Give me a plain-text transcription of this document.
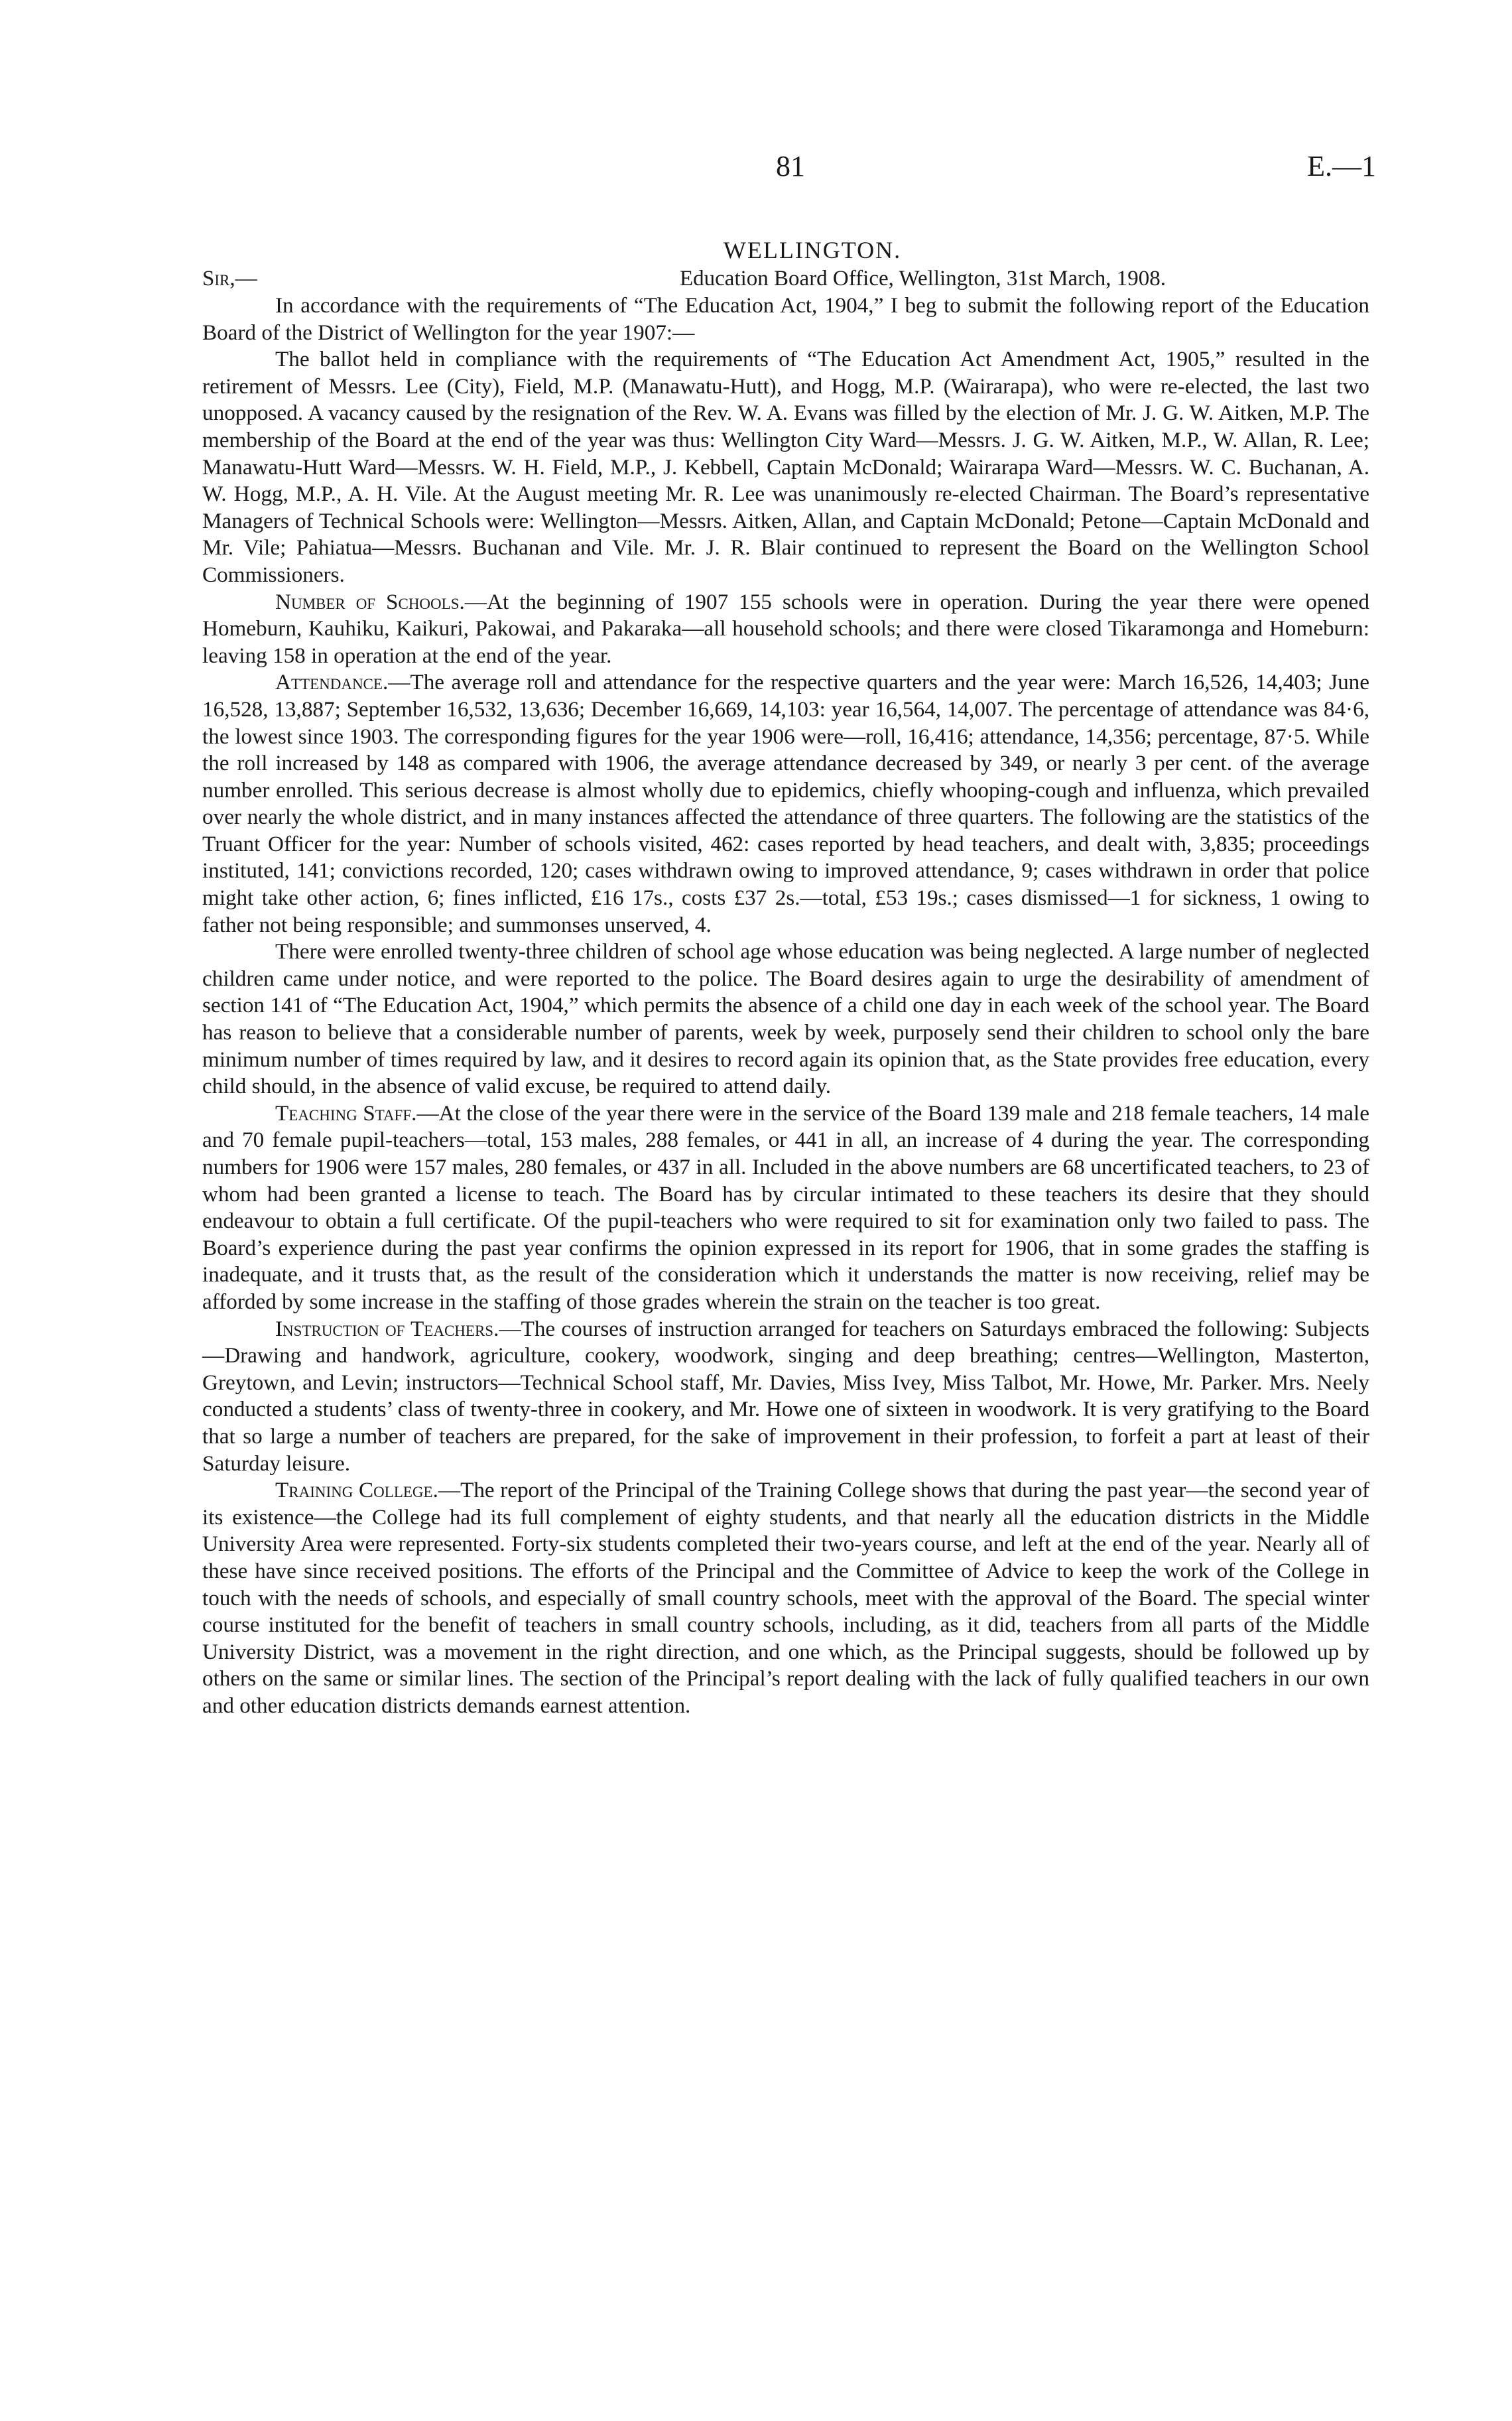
81	E.—1
WELLINGTON.
Sir,—	Education Board Office, Wellington, 31st March, 1908.

In accordance with the requirements of “The Education Act, 1904,” I beg to submit the following report of the Education Board of the District of Wellington for the year 1907:—

The ballot held in compliance with the requirements of “The Education Act Amendment Act, 1905,” resulted in the retirement of Messrs. Lee (City), Field, M.P. (Manawatu-Hutt), and Hogg, M.P. (Wairarapa), who were re-elected, the last two unopposed. A vacancy caused by the resignation of the Rev. W. A. Evans was filled by the election of Mr. J. G. W. Aitken, M.P. The membership of the Board at the end of the year was thus: Wellington City Ward—Messrs. J. G. W. Aitken, M.P., W. Allan, R. Lee; Manawatu-Hutt Ward—Messrs. W. H. Field, M.P., J. Kebbell, Captain McDonald; Wairarapa Ward—Messrs. W. C. Buchanan, A. W. Hogg, M.P., A. H. Vile. At the August meeting Mr. R. Lee was unanimously re-elected Chairman. The Board’s representative Managers of Technical Schools were: Wellington—Messrs. Aitken, Allan, and Captain McDonald; Petone—Captain McDonald and Mr. Vile; Pahiatua—Messrs. Buchanan and Vile. Mr. J. R. Blair continued to represent the Board on the Wellington School Commissioners.

Number of Schools.—At the beginning of 1907 155 schools were in operation. During the year there were opened Homeburn, Kauhiku, Kaikuri, Pakowai, and Pakaraka—all household schools; and there were closed Tikaramonga and Homeburn: leaving 158 in operation at the end of the year.

Attendance.—The average roll and attendance for the respective quarters and the year were: March 16,526, 14,403; June 16,528, 13,887; September 16,532, 13,636; December 16,669, 14,103: year 16,564, 14,007. The percentage of attendance was 84·6, the lowest since 1903. The corresponding figures for the year 1906 were—roll, 16,416; attendance, 14,356; percentage, 87·5. While the roll increased by 148 as compared with 1906, the average attendance decreased by 349, or nearly 3 per cent. of the average number enrolled. This serious decrease is almost wholly due to epidemics, chiefly whooping-cough and influenza, which prevailed over nearly the whole district, and in many instances affected the attendance of three quarters. The following are the statistics of the Truant Officer for the year: Number of schools visited, 462: cases reported by head teachers, and dealt with, 3,835; proceedings instituted, 141; convictions recorded, 120; cases withdrawn owing to improved attendance, 9; cases withdrawn in order that police might take other action, 6; fines inflicted, £16 17s., costs £37 2s.—total, £53 19s.; cases dismissed—1 for sickness, 1 owing to father not being responsible; and summonses unserved, 4.

There were enrolled twenty-three children of school age whose education was being neglected. A large number of neglected children came under notice, and were reported to the police. The Board desires again to urge the desirability of amendment of section 141 of “The Education Act, 1904,” which permits the absence of a child one day in each week of the school year. The Board has reason to believe that a considerable number of parents, week by week, purposely send their children to school only the bare minimum number of times required by law, and it desires to record again its opinion that, as the State provides free education, every child should, in the absence of valid excuse, be required to attend daily.

Teaching Staff.—At the close of the year there were in the service of the Board 139 male and 218 female teachers, 14 male and 70 female pupil-teachers—total, 153 males, 288 females, or 441 in all, an increase of 4 during the year. The corresponding numbers for 1906 were 157 males, 280 females, or 437 in all. Included in the above numbers are 68 uncertificated teachers, to 23 of whom had been granted a license to teach. The Board has by circular intimated to these teachers its desire that they should endeavour to obtain a full certificate. Of the pupil-teachers who were required to sit for examination only two failed to pass. The Board’s experience during the past year confirms the opinion expressed in its report for 1906, that in some grades the staffing is inadequate, and it trusts that, as the result of the consideration which it understands the matter is now receiving, relief may be afforded by some increase in the staffing of those grades wherein the strain on the teacher is too great.

Instruction of Teachers.—The courses of instruction arranged for teachers on Saturdays embraced the following: Subjects—Drawing and handwork, agriculture, cookery, woodwork, singing and deep breathing; centres—Wellington, Masterton, Greytown, and Levin; instructors—Technical School staff, Mr. Davies, Miss Ivey, Miss Talbot, Mr. Howe, Mr. Parker. Mrs. Neely conducted a students’ class of twenty-three in cookery, and Mr. Howe one of sixteen in woodwork. It is very gratifying to the Board that so large a number of teachers are prepared, for the sake of improvement in their profession, to forfeit a part at least of their Saturday leisure.

Training College.—The report of the Principal of the Training College shows that during the past year—the second year of its existence—the College had its full complement of eighty students, and that nearly all the education districts in the Middle University Area were represented. Forty-six students completed their two-years course, and left at the end of the year. Nearly all of these have since received positions. The efforts of the Principal and the Committee of Advice to keep the work of the College in touch with the needs of schools, and especially of small country schools, meet with the approval of the Board. The special winter course instituted for the benefit of teachers in small country schools, including, as it did, teachers from all parts of the Middle University District, was a movement in the right direction, and one which, as the Principal suggests, should be followed up by others on the same or similar lines. The section of the Principal’s report dealing with the lack of fully qualified teachers in our own and other education districts demands earnest attention.
